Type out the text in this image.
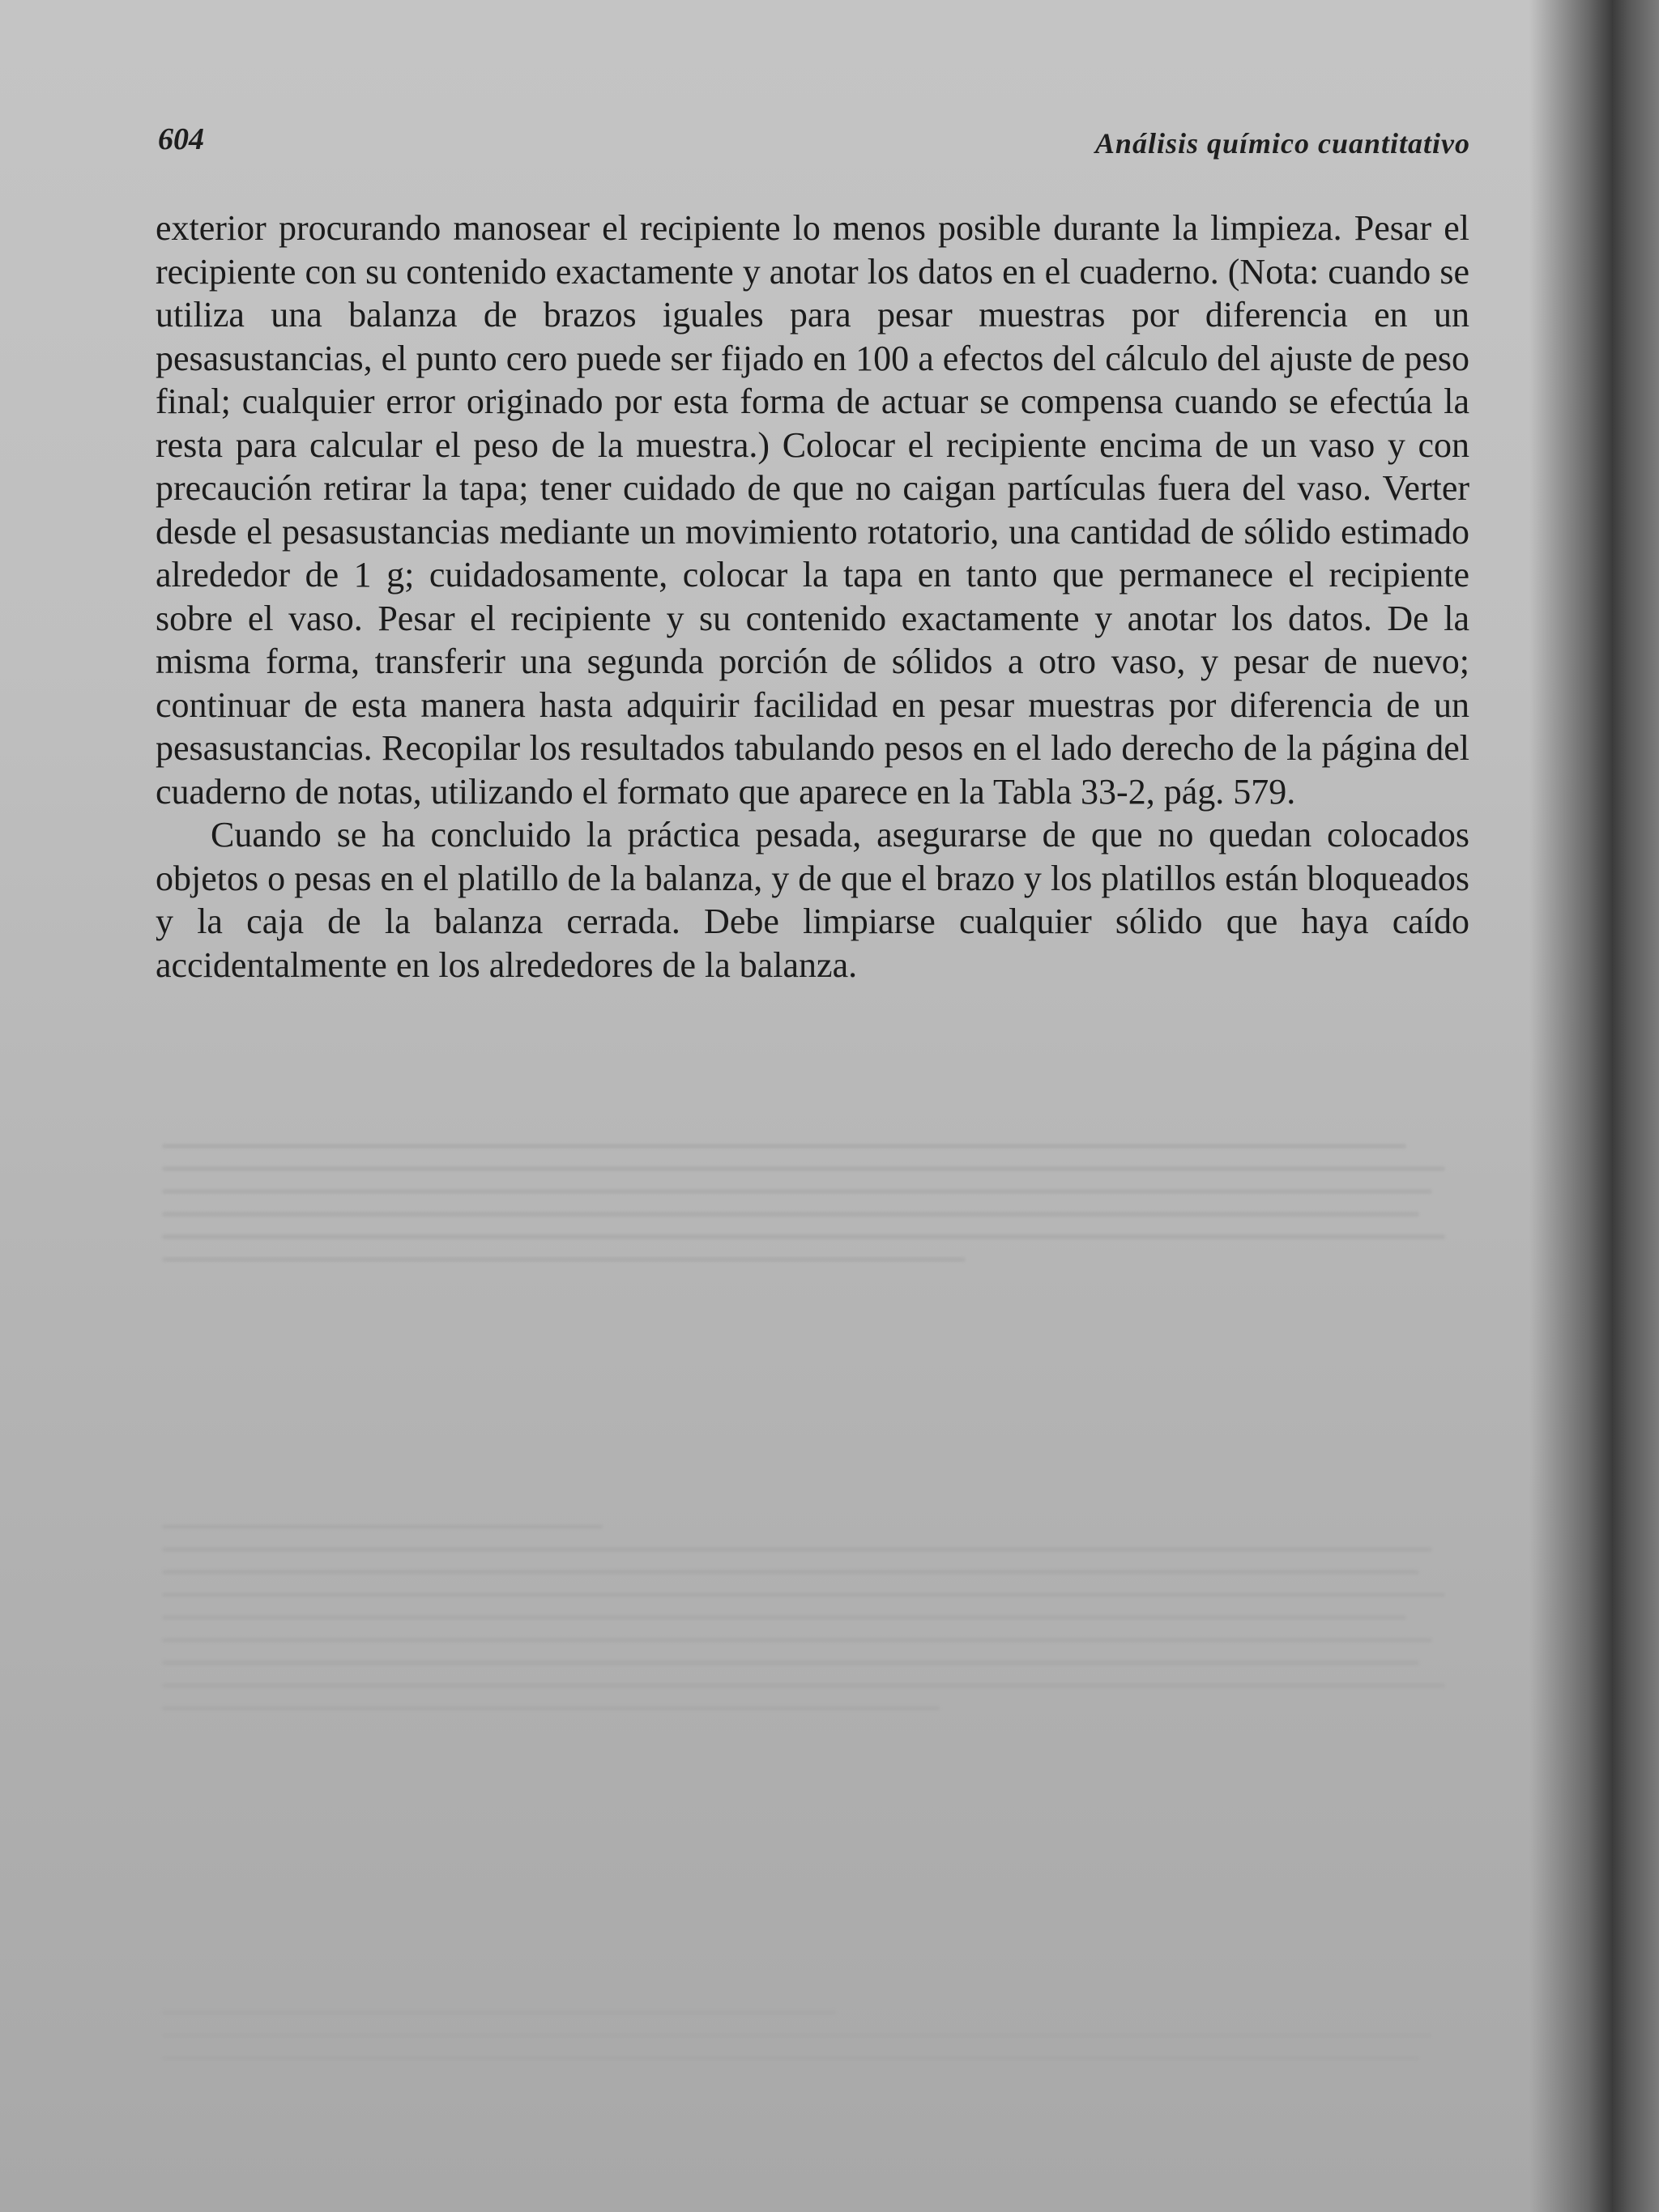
604	Análisis químico cuantitativo

exterior procurando manosear el recipiente lo menos posible durante la limpieza. Pesar el recipiente con su contenido exactamente y anotar los datos en el cuaderno. (Nota: cuando se utiliza una balanza de brazos iguales para pesar muestras por diferencia en un pesasustancias, el punto cero puede ser fijado en 100 a efectos del cálculo del ajuste de peso final; cualquier error originado por esta forma de actuar se compensa cuando se efectúa la resta para calcular el peso de la muestra.) Colocar el recipiente encima de un vaso y con precaución retirar la tapa; tener cuidado de que no caigan partículas fuera del vaso. Verter desde el pesasustancias mediante un movimiento rotatorio, una cantidad de sólido estimado alrededor de 1 g; cuidadosamente, colocar la tapa en tanto que permanece el recipiente sobre el vaso. Pesar el recipiente y su contenido exactamente y anotar los datos. De la misma forma, transferir una segunda porción de sólidos a otro vaso, y pesar de nuevo; continuar de esta manera hasta adquirir facilidad en pesar muestras por diferencia de un pesasustancias. Recopilar los resultados tabulando pesos en el lado derecho de la página del cuaderno de notas, utilizando el formato que aparece en la Tabla 33-2, pág. 579.

Cuando se ha concluido la práctica pesada, asegurarse de que no quedan colocados objetos o pesas en el platillo de la balanza, y de que el brazo y los platillos están bloqueados y la caja de la balanza cerrada. Debe limpiarse cualquier sólido que haya caído accidentalmente en los alrededores de la balanza.
